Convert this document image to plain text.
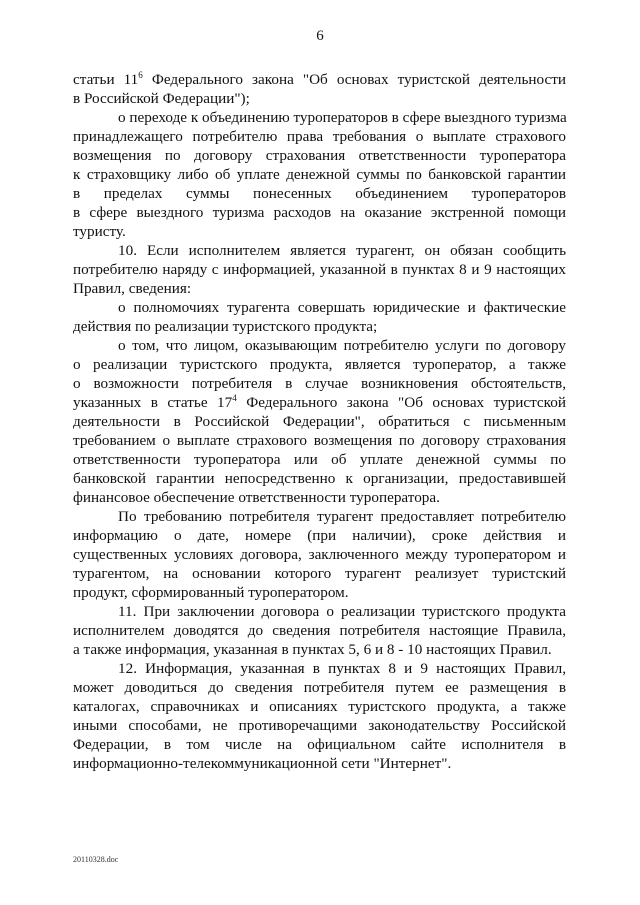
6
статьи $11^6$ Федерального закона "Об основах туристской деятельности
в Российской Федерации");
о переходе к объединению туроператоров в сфере выездного туризма
принадлежащего потребителю права требования о выплате страхового
возмещения по договору страхования ответственности туроператора
к страховщику либо об уплате денежной суммы по банковской гарантии
в пределах суммы понесенных объединением туроператоров
в сфере выездного туризма расходов на оказание экстренной помощи
туристу.
10. Если исполнителем является турагент, он обязан сообщить
потребителю наряду с информацией, указанной в пунктах 8 и 9 настоящих
Правил, сведения:
о полномочиях турагента совершать юридические и фактические
действия по реализации туристского продукта;
о том, что лицом, оказывающим потребителю услуги по договору
о реализации туристского продукта, является туроператор, а также
о возможности потребителя в случае возникновения обстоятельств,
указанных в статье $17^4$ Федерального закона "Об основах туристской
деятельности в Российской Федерации", обратиться с письменным
требованием о выплате страхового возмещения по договору страхования
ответственности туроператора или об уплате денежной суммы по
банковской гарантии непосредственно к организации, предоставившей
финансовое обеспечение ответственности туроператора.
По требованию потребителя турагент предоставляет потребителю
информацию о дате, номере (при наличии), сроке действия и
существенных условиях договора, заключенного между туроператором и
турагентом, на основании которого турагент реализует туристский
продукт, сформированный туроператором.
11. При заключении договора о реализации туристского продукта
исполнителем доводятся до сведения потребителя настоящие Правила,
а также информация, указанная в пунктах 5, 6 и 8 - 10 настоящих Правил.
12. Информация, указанная в пунктах 8 и 9 настоящих Правил,
может доводиться до сведения потребителя путем ее размещения в
каталогах, справочниках и описаниях туристского продукта, а также
иными способами, не противоречащими законодательству Российской
Федерации, в том числе на официальном сайте исполнителя в
информационно-телекоммуникационной сети "Интернет".
20110328.doc
